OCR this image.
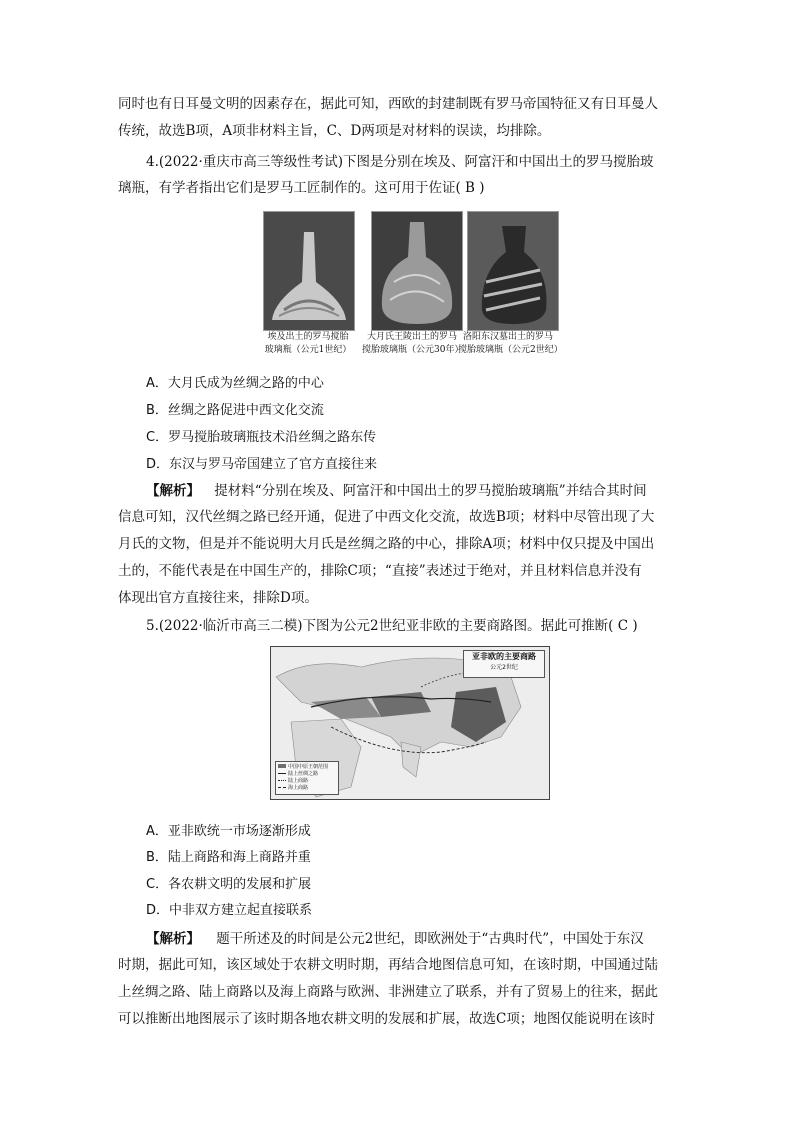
同时也有日耳曼文明的因素存在，据此可知，西欧的封建制既有罗马帝国特征又有日耳曼人
传统，故选B项，A项非材料主旨，C、D两项是对材料的误读，均排除。
4.(2022·重庆市高三等级性考试)下图是分别在埃及、阿富汗和中国出土的罗马搅胎玻
璃瓶，有学者指出它们是罗马工匠制作的。这可用于佐证( B )
埃及出土的罗马搅胎
玻璃瓶（公元1世纪）
大月氏王陵出土的罗马
搅胎玻璃瓶（公元30年）
洛阳东汉墓出土的罗马
搅胎玻璃瓶（公元2世纪）
A．大月氏成为丝绸之路的中心
B．丝绸之路促进中西文化交流
C．罗马搅胎玻璃瓶技术沿丝绸之路东传
D．东汉与罗马帝国建立了官方直接往来
【解析】 提材料“分别在埃及、阿富汗和中国出土的罗马搅胎玻璃瓶”并结合其时间
信息可知，汉代丝绸之路已经开通，促进了中西文化交流，故选B项；材料中尽管出现了大
月氏的文物，但是并不能说明大月氏是丝绸之路的中心，排除A项；材料中仅只提及中国出
土的，不能代表是在中国生产的，排除C项；“直接”表述过于绝对，并且材料信息并没有
体现出官方直接往来，排除D项。
5.(2022·临沂市高三二模)下图为公元2世纪亚非欧的主要商路图。据此可推断( C )
亚非欧的主要商路
公元2世纪
中国中原王朝范围
陆上丝绸之路
陆上商路
海上商路
A．亚非欧统一市场逐渐形成
B．陆上商路和海上商路并重
C．各农耕文明的发展和扩展
D．中非双方建立起直接联系
【解析】 题干所述及的时间是公元2世纪，即欧洲处于“古典时代”，中国处于东汉
时期，据此可知，该区域处于农耕文明时期，再结合地图信息可知，在该时期，中国通过陆
上丝绸之路、陆上商路以及海上商路与欧洲、非洲建立了联系，并有了贸易上的往来，据此
可以推断出地图展示了该时期各地农耕文明的发展和扩展，故选C项；地图仅能说明在该时
